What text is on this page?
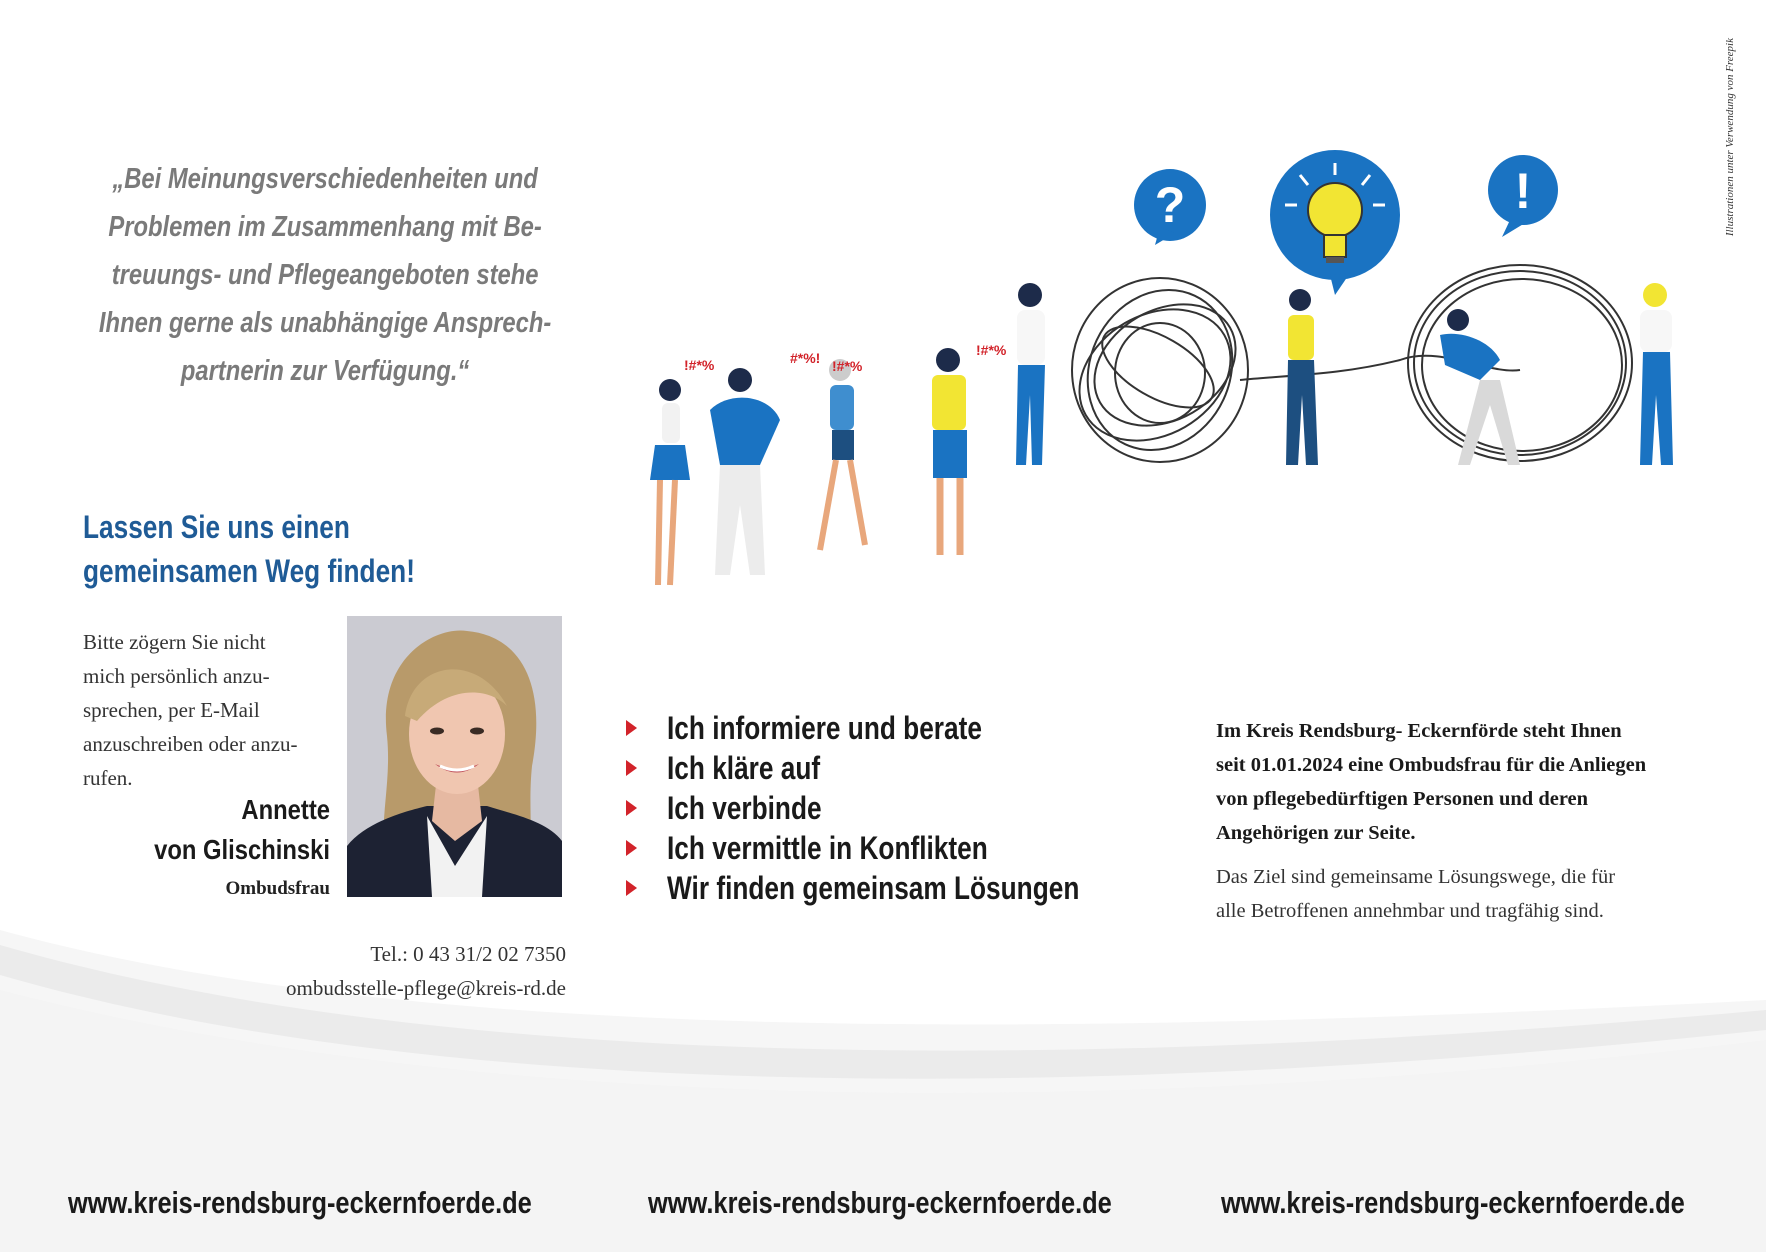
„Bei Meinungsverschiedenheiten und
Problemen im Zusammenhang mit Be-
treuungs- und Pflegeangeboten stehe
Ihnen gerne als unabhängige Ansprech-
partnerin zur Verfügung.“
Lassen Sie uns einen
gemeinsamen Weg finden!
Bitte zögern Sie nicht
mich persönlich anzu-
sprechen, per E-Mail
anzuschreiben oder anzu-
rufen.
Annette
von Glischinski
Ombudsfrau
Tel.: 0 43 31/2 02 7350
ombudsstelle-pflege@kreis-rd.de
Ich informiere und berate
Ich kläre auf
Ich verbinde
Ich vermittle in Konflikten
Wir finden gemeinsam Lösungen
Im Kreis Rendsburg- Eckernförde steht Ihnen
seit 01.01.2024 eine Ombudsfrau für die Anliegen
von pflegebedürftigen Personen und deren
Angehörigen zur Seite.
Das Ziel sind gemeinsame Lösungswege, die für
alle Betroffenen annehmbar und tragfähig sind.
Illustrationen unter Verwendung von Freepik
?	!
!#*%	#*%! !#*%
!#*%
www.kreis-rendsburg-eckernfoerde.de	www.kreis-rendsburg-eckernfoerde.de	www.kreis-rendsburg-eckernfoerde.de
